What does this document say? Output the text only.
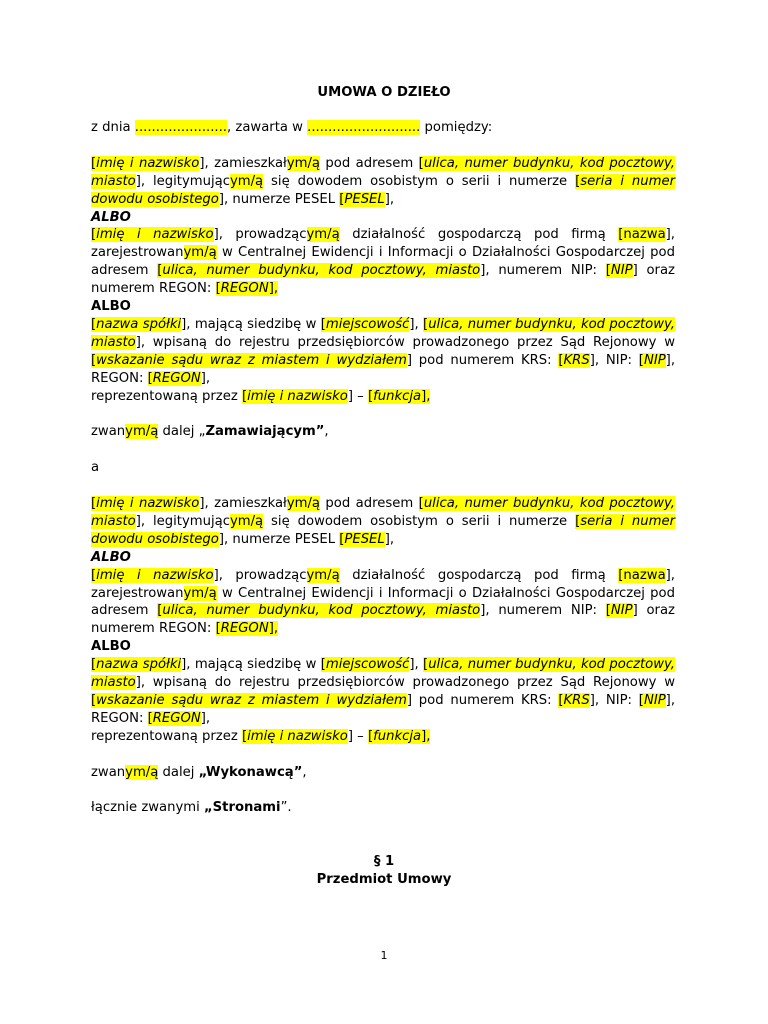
UMOWA O DZIEŁO

z dnia ......................, zawarta w ........................... pomiędzy:

[imię i nazwisko], zamieszkałym/ą pod adresem [ulica, numer budynku, kod pocztowy, miasto], legitymującym/ą się dowodem osobistym o serii i numerze [seria i numer dowodu osobistego], numerze PESEL [PESEL],

ALBO

[imię i nazwisko], prowadzącym/ą działalność gospodarczą pod firmą [nazwa], zarejestrowanym/ą w Centralnej Ewidencji i Informacji o Działalności Gospodarczej pod adresem [ulica, numer budynku, kod pocztowy, miasto], numerem NIP: [NIP] oraz numerem REGON: [REGON],

ALBO

[nazwa spółki], mającą siedzibę w [miejscowość], [ulica, numer budynku, kod pocztowy, miasto], wpisaną do rejestru przedsiębiorców prowadzonego przez Sąd Rejonowy w [wskazanie sądu wraz z miastem i wydziałem] pod numerem KRS: [KRS], NIP: [NIP], REGON: [REGON],

reprezentowaną przez [imię i nazwisko] – [funkcja],

zwanym/ą dalej „Zamawiającym”,

a

[imię i nazwisko], zamieszkałym/ą pod adresem [ulica, numer budynku, kod pocztowy, miasto], legitymującym/ą się dowodem osobistym o serii i numerze [seria i numer dowodu osobistego], numerze PESEL [PESEL],

ALBO

[imię i nazwisko], prowadzącym/ą działalność gospodarczą pod firmą [nazwa], zarejestrowanym/ą w Centralnej Ewidencji i Informacji o Działalności Gospodarczej pod adresem [ulica, numer budynku, kod pocztowy, miasto], numerem NIP: [NIP] oraz numerem REGON: [REGON],

ALBO

[nazwa spółki], mającą siedzibę w [miejscowość], [ulica, numer budynku, kod pocztowy, miasto], wpisaną do rejestru przedsiębiorców prowadzonego przez Sąd Rejonowy w [wskazanie sądu wraz z miastem i wydziałem] pod numerem KRS: [KRS], NIP: [NIP], REGON: [REGON],

reprezentowaną przez [imię i nazwisko] – [funkcja],

zwanym/ą dalej „Wykonawcą”,

łącznie zwanymi „Stronami”.

§ 1
Przedmiot Umowy
1
